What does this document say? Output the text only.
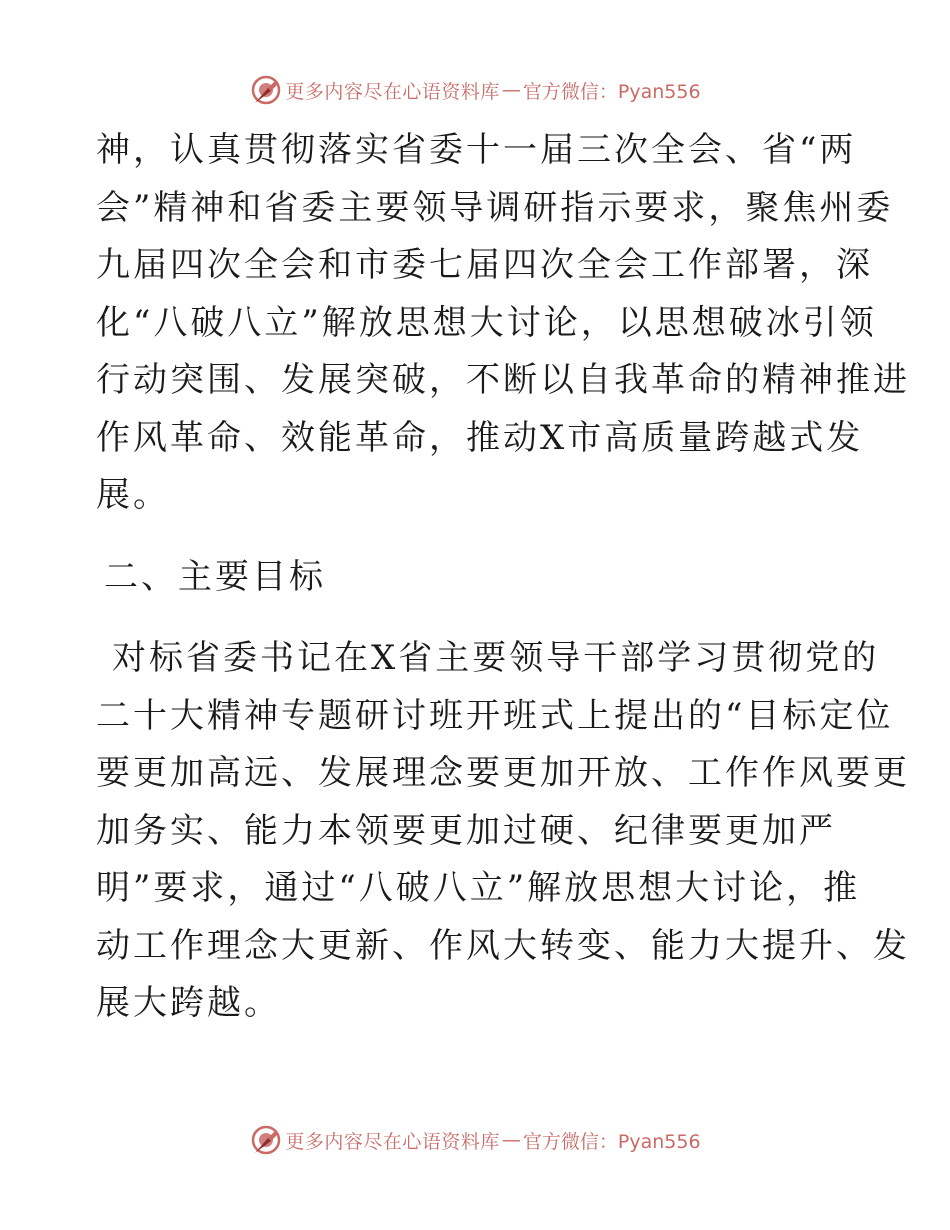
更多内容尽在心语资料库 — 官方微信：Pyan556
神，认真贯彻落实省委十一届三次全会、省“两
会”精神和省委主要领导调研指示要求，聚焦州委
九届四次全会和市委七届四次全会工作部署，深
化“八破八立”解放思想大讨论，以思想破冰引领
行动突围、发展突破，不断以自我革命的精神推进
作风革命、效能革命，推动X市高质量跨越式发
展。
二、主要目标
对标省委书记在X省主要领导干部学习贯彻党的
二十大精神专题研讨班开班式上提出的“目标定位
要更加高远、发展理念要更加开放、工作作风要更
加务实、能力本领要更加过硬、纪律要更加严
明”要求，通过“八破八立”解放思想大讨论，推
动工作理念大更新、作风大转变、能力大提升、发
展大跨越。
更多内容尽在心语资料库 — 官方微信：Pyan556
